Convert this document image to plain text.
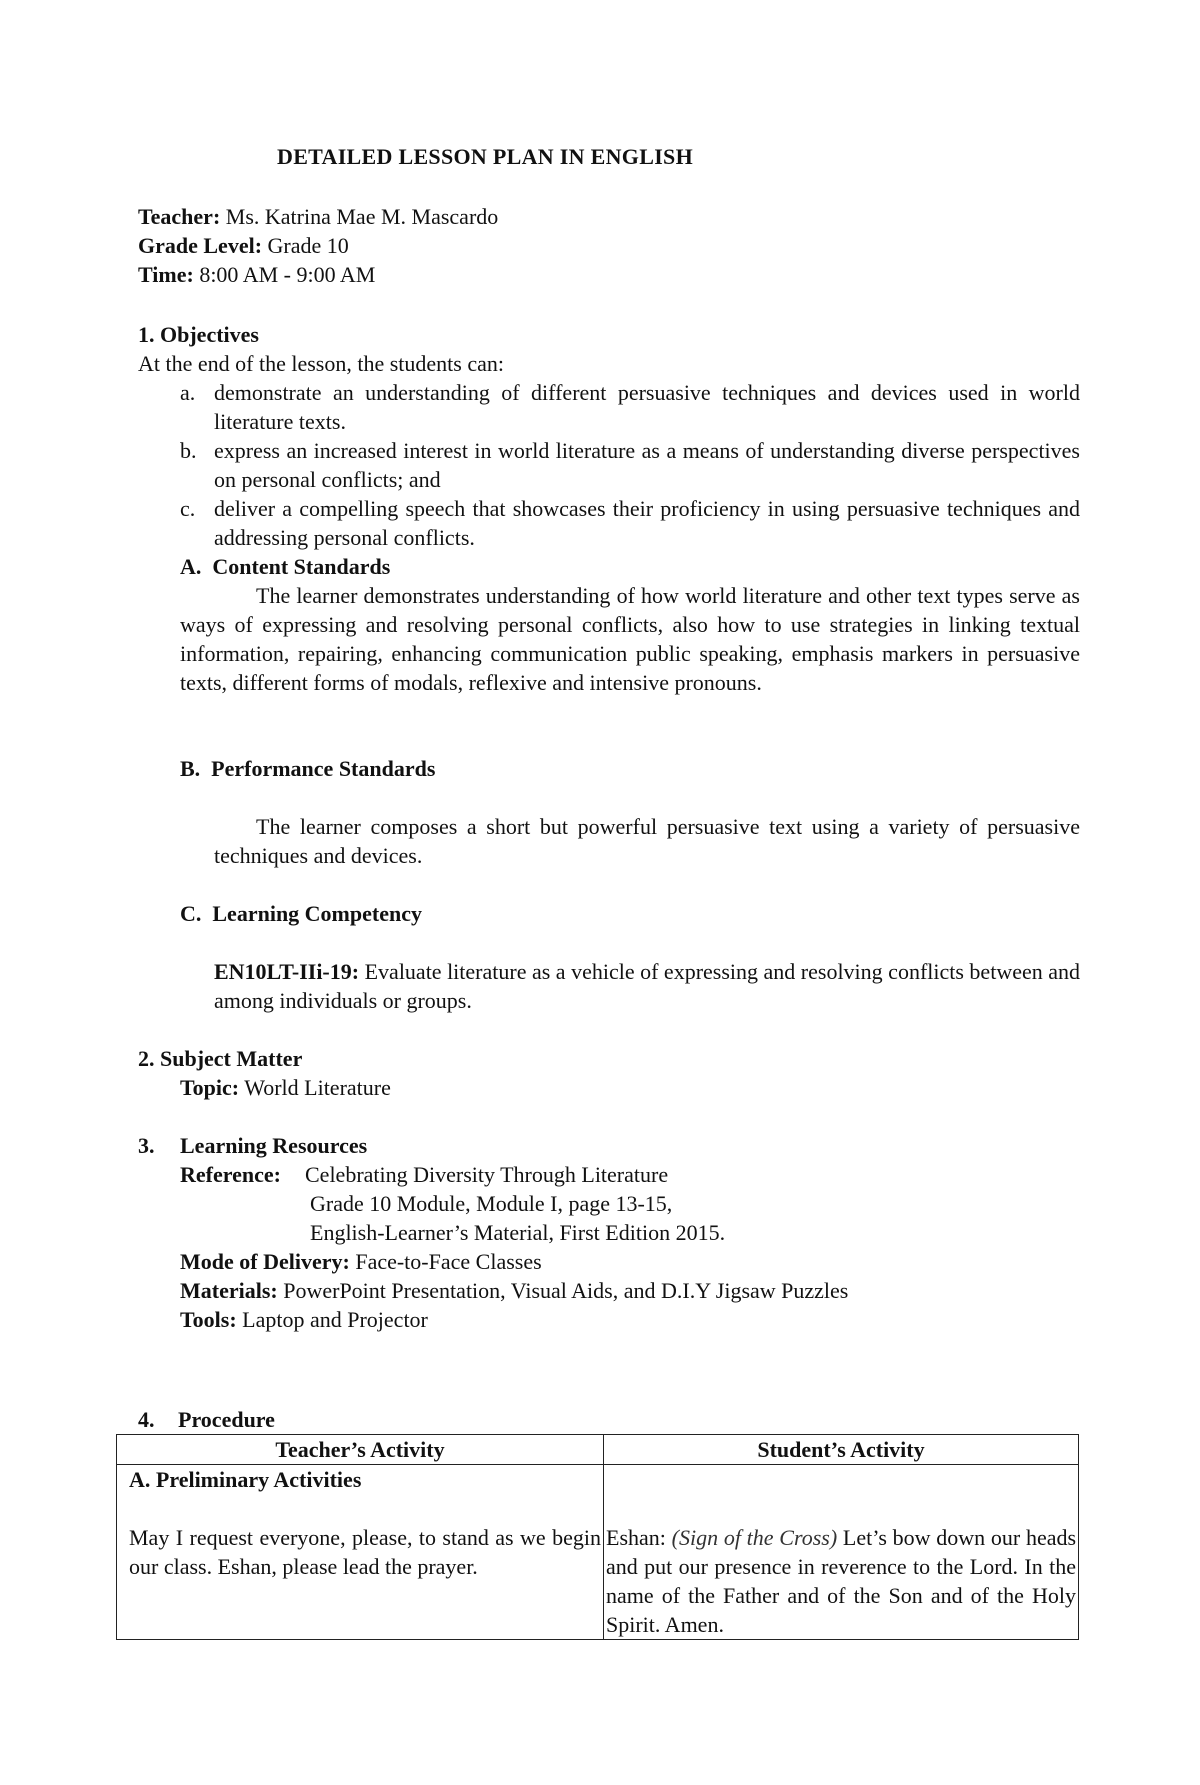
DETAILED LESSON PLAN IN ENGLISH
Teacher: Ms. Katrina Mae M. Mascardo
Grade Level: Grade 10
Time: 8:00 AM - 9:00 AM
1. Objectives
At the end of the lesson, the students can:
a. demonstrate an understanding of different persuasive techniques and devices used in world literature texts.
b. express an increased interest in world literature as a means of understanding diverse perspectives on personal conflicts; and
c. deliver a compelling speech that showcases their proficiency in using persuasive techniques and addressing personal conflicts.
A.  Content Standards
The learner demonstrates understanding of how world literature and other text types serve as ways of expressing and resolving personal conflicts, also how to use strategies in linking textual information, repairing, enhancing communication public speaking, emphasis markers in persuasive texts, different forms of modals, reflexive and intensive pronouns.
B.  Performance Standards
The learner composes a short but powerful persuasive text using a variety of persuasive techniques and devices.
C.  Learning Competency
EN10LT-IIi-19: Evaluate literature as a vehicle of expressing and resolving conflicts between and among individuals or groups.
2. Subject Matter
Topic: World Literature
3. Learning Resources
Reference: Celebrating Diversity Through Literature
Grade 10 Module, Module I, page 13-15,
English-Learner’s Material, First Edition 2015.
Mode of Delivery: Face-to-Face Classes
Materials: PowerPoint Presentation, Visual Aids, and D.I.Y Jigsaw Puzzles
Tools: Laptop and Projector
4. Procedure
Teacher’s Activity	Student’s Activity

A. Preliminary Activities
May I request everyone, please, to stand as we begin our class. Eshan, please lead the prayer.	Eshan: (Sign of the Cross) Let’s bow down our heads and put our presence in reverence to the Lord. In the name of the Father and of the Son and of the Holy Spirit. Amen.
